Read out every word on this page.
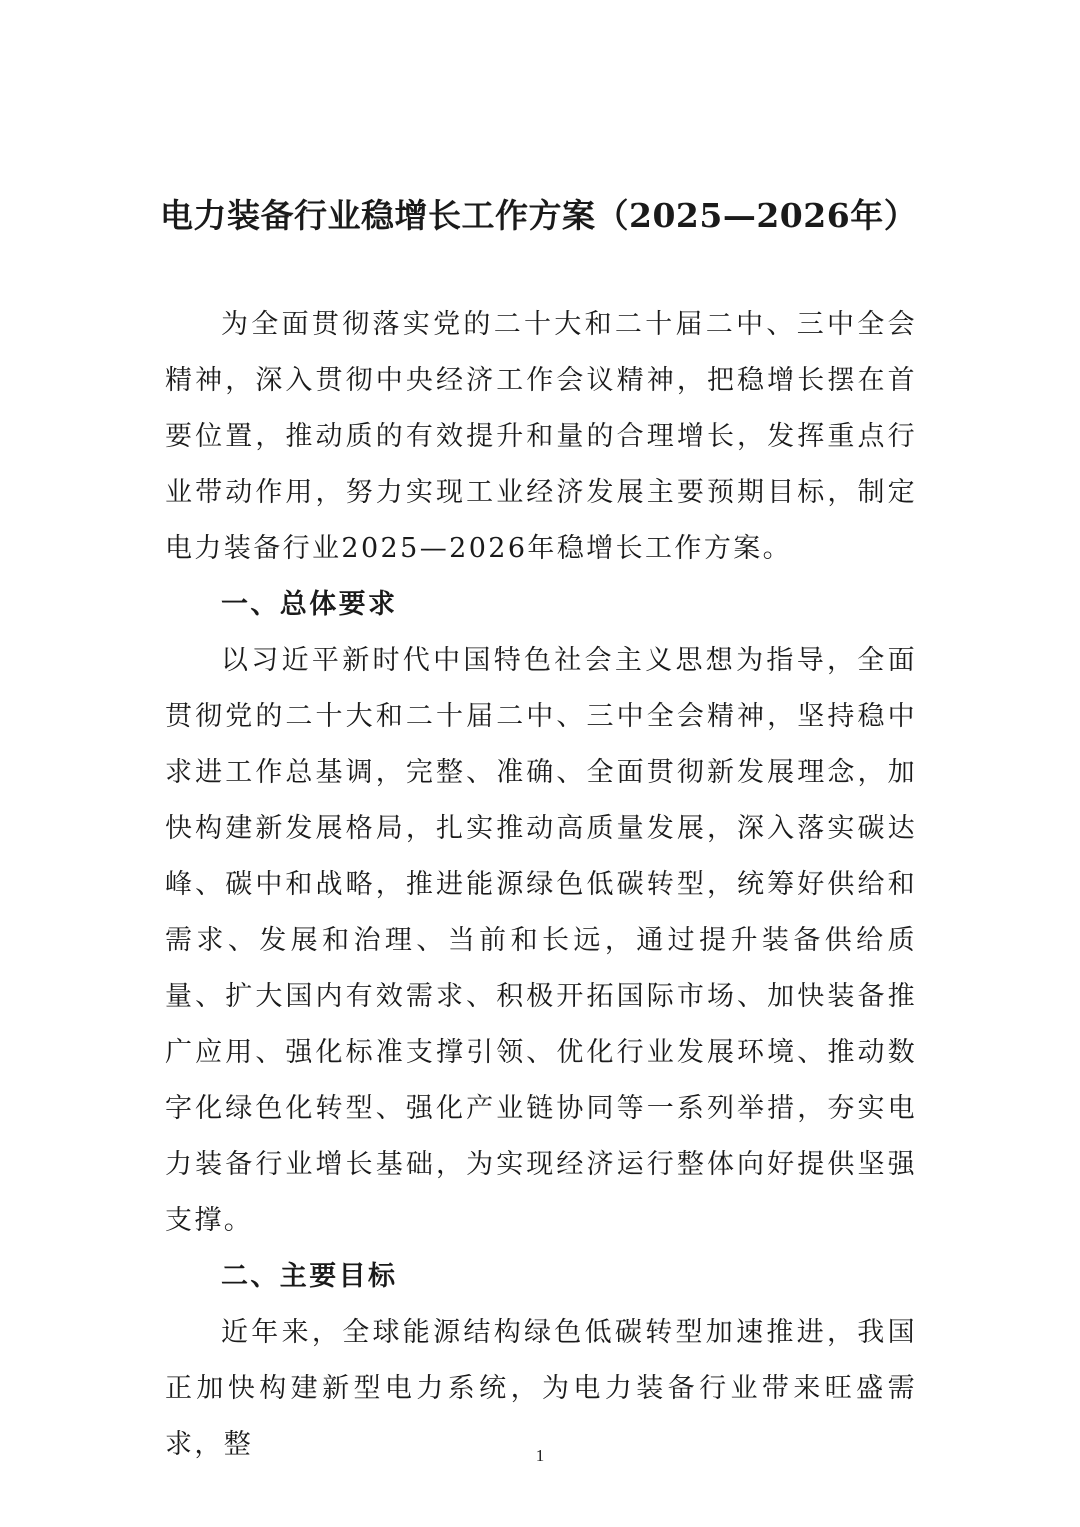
电力装备行业稳增长工作方案（2025—2026年）

为全面贯彻落实党的二十大和二十届二中、三中全会精神，深入贯彻中央经济工作会议精神，把稳增长摆在首要位置，推动质的有效提升和量的合理增长，发挥重点行业带动作用，努力实现工业经济发展主要预期目标，制定电力装备行业2025—2026年稳增长工作方案。

一、总体要求

以习近平新时代中国特色社会主义思想为指导，全面贯彻党的二十大和二十届二中、三中全会精神，坚持稳中求进工作总基调，完整、准确、全面贯彻新发展理念，加快构建新发展格局，扎实推动高质量发展，深入落实碳达峰、碳中和战略，推进能源绿色低碳转型，统筹好供给和需求、发展和治理、当前和长远，通过提升装备供给质量、扩大国内有效需求、积极开拓国际市场、加快装备推广应用、强化标准支撑引领、优化行业发展环境、推动数字化绿色化转型、强化产业链协同等一系列举措，夯实电力装备行业增长基础，为实现经济运行整体向好提供坚强支撑。

二、主要目标

近年来，全球能源结构绿色低碳转型加速推进，我国正加快构建新型电力系统，为电力装备行业带来旺盛需求，整	1
